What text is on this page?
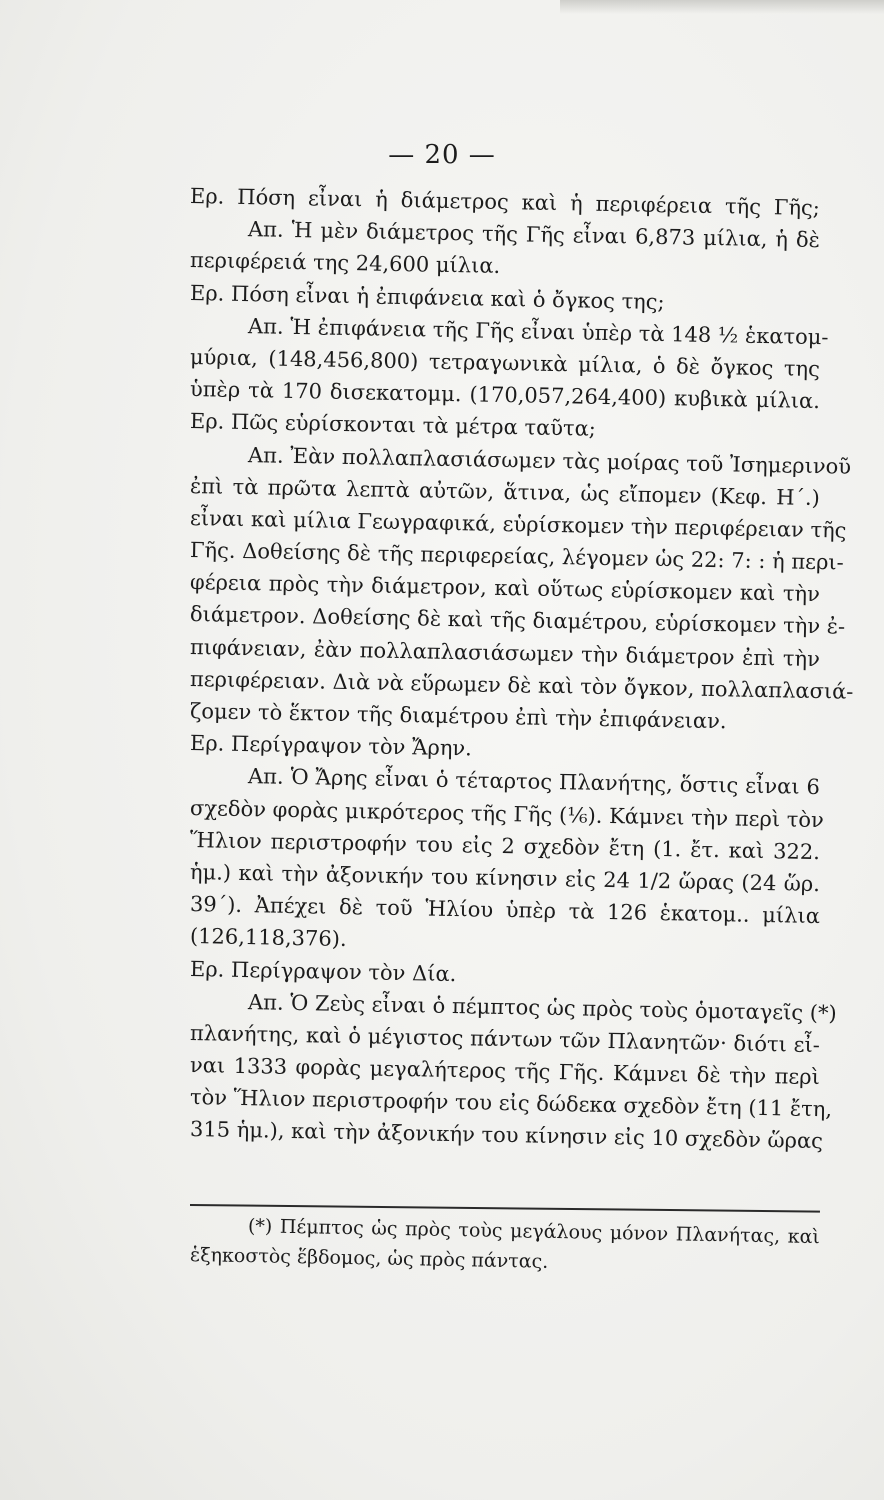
— 20 —
Ερ. Πόση εἶναι ἡ διάμετρος καὶ ἡ περιφέρεια τῆς Γῆς;
Απ. Ἡ μὲν διάμετρος τῆς Γῆς εἶναι 6,873 μίλια, ἡ δὲ
περιφέρειά της 24,600 μίλια.
Ερ. Πόση εἶναι ἡ ἐπιφάνεια καὶ ὁ ὄγκος της;
Απ. Ἡ ἐπιφάνεια τῆς Γῆς εἶναι ὑπὲρ τὰ 148 ½ ἑκατομ-
μύρια, (148,456,800) τετραγωνικὰ μίλια, ὁ δὲ ὄγκος της
ὑπὲρ τὰ 170 δισεκατομμ. (170,057,264,400) κυβικὰ μίλια.
Ερ. Πῶς εὑρίσκονται τὰ μέτρα ταῦτα;
Απ. Ἐὰν πολλαπλασιάσωμεν τὰς μοίρας τοῦ Ἰσημερινοῦ
ἐπὶ τὰ πρῶτα λεπτὰ αὐτῶν, ἅτινα, ὡς εἴπομεν (Κεφ. Η΄.)
εἶναι καὶ μίλια Γεωγραφικά, εὑρίσκομεν τὴν περιφέρειαν τῆς
Γῆς. Δοθείσης δὲ τῆς περιφερείας, λέγομεν ὡς 22: 7: : ἡ περι-
φέρεια πρὸς τὴν διάμετρον, καὶ οὕτως εὑρίσκομεν καὶ τὴν
διάμετρον. Δοθείσης δὲ καὶ τῆς διαμέτρου, εὑρίσκομεν τὴν ἐ-
πιφάνειαν, ἐὰν πολλαπλασιάσωμεν τὴν διάμετρον ἐπὶ τὴν
περιφέρειαν. Διὰ νὰ εὕρωμεν δὲ καὶ τὸν ὄγκον, πολλαπλασιά-
ζομεν τὸ ἕκτον τῆς διαμέτρου ἐπὶ τὴν ἐπιφάνειαν.
Ερ. Περίγραψον τὸν Ἄρην.
Απ. Ὁ Ἄρης εἶναι ὁ τέταρτος Πλανήτης, ὅστις εἶναι 6
σχεδὸν φορὰς μικρότερος τῆς Γῆς (⅙). Κάμνει τὴν περὶ τὸν
Ἥλιον περιστροφήν του εἰς 2 σχεδὸν ἔτη (1. ἔτ. καὶ 322.
ἡμ.) καὶ τὴν ἀξονικήν του κίνησιν εἰς 24 1/2 ὥρας (24 ὥρ.
39΄). Ἀπέχει δὲ τοῦ Ἡλίου ὑπὲρ τὰ 126 ἑκατομ.. μίλια
(126,118,376).
Ερ. Περίγραψον τὸν Δία.
Απ. Ὁ Ζεὺς εἶναι ὁ πέμπτος ὡς πρὸς τοὺς ὁμοταγεῖς (*)
πλανήτης, καὶ ὁ μέγιστος πάντων τῶν Πλανητῶν· διότι εἶ-
ναι 1333 φορὰς μεγαλήτερος τῆς Γῆς. Κάμνει δὲ τὴν περὶ
τὸν Ἥλιον περιστροφήν του εἰς δώδεκα σχεδὸν ἔτη (11 ἔτη,
315 ἡμ.), καὶ τὴν ἀξονικήν του κίνησιν εἰς 10 σχεδὸν ὥρας
(*) Πέμπτος ὡς πρὸς τοὺς μεγάλους μόνον Πλανήτας, καὶ
ἑξηκοστὸς ἕβδομος, ὡς πρὸς πάντας.
